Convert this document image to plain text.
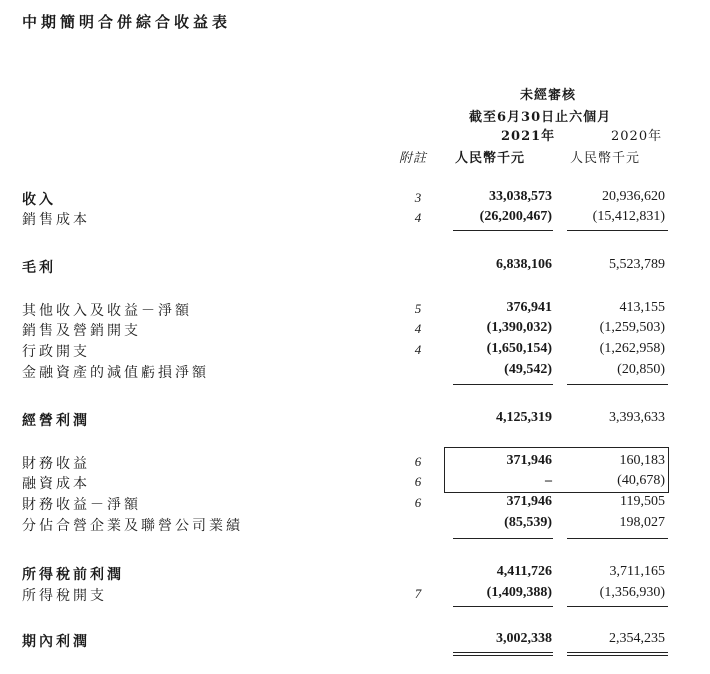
中期簡明合併綜合收益表
未經審核
截至6月30日止六個月
2021年	2020年
附註 人民幣千元	人民幣千元
收入	3	33,038,573	20,936,620
銷售成本	4	(26,200,467)	(15,412,831)
毛利	6,838,106	5,523,789
其他收入及收益－淨額	5	376,941	413,155
銷售及營銷開支	4	(1,390,032)	(1,259,503)
行政開支	4	(1,650,154)	(1,262,958)
金融資產的減值虧損淨額	(49,542)	(20,850)
經營利潤	4,125,319	3,393,633
財務收益	6	371,946	160,183
融資成本	6	–	(40,678)
財務收益－淨額	6	371,946	119,505
分佔合營企業及聯營公司業績	(85,539)	198,027
所得稅前利潤	4,411,726	3,711,165
所得稅開支	7	(1,409,388)	(1,356,930)
期內利潤	3,002,338	2,354,235
